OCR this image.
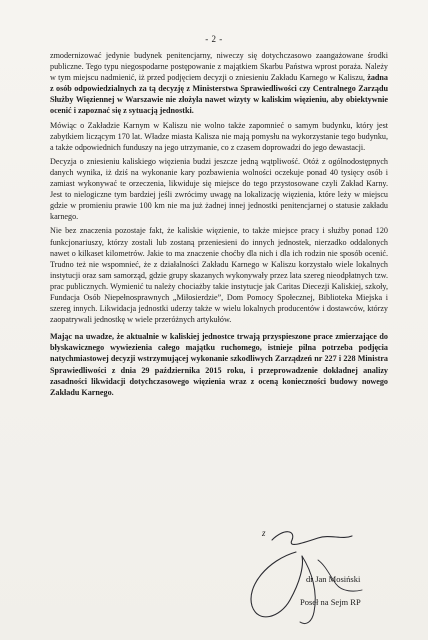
- 2 -

zmodernizować jedynie budynek penitencjarny, niweczy się dotychczasowo zaangażowane środki publiczne. Tego typu niegospodarne postępowanie z majątkiem Skarbu Państwa wprost poraża. Należy w tym miejscu nadmienić, iż przed podjęciem decyzji o zniesieniu Zakładu Karnego w Kaliszu, żadna z osób odpowiedzialnych za tą decyzję z Ministerstwa Sprawiedliwości czy Centralnego Zarządu Służby Więziennej w Warszawie nie złożyła nawet wizyty w kaliskim więzieniu, aby obiektywnie ocenić i zapoznać się z sytuacją jednostki.

Mówiąc o Zakładzie Karnym w Kaliszu nie wolno także zapomnieć o samym budynku, który jest zabytkiem liczącym 170 lat. Władze miasta Kalisza nie mają pomysłu na wykorzystanie tego budynku, a także odpowiednich funduszy na jego utrzymanie, co z czasem doprowadzi do jego dewastacji.

Decyzja o zniesieniu kaliskiego więzienia budzi jeszcze jedną wątpliwość. Otóż z ogólnodostępnych danych wynika, iż dziś na wykonanie kary pozbawienia wolności oczekuje ponad 40 tysięcy osób i zamiast wykonywać te orzeczenia, likwiduje się miejsce do tego przystosowane czyli Zakład Karny. Jest to nielogiczne tym bardziej jeśli zwrócimy uwagę na lokalizację więzienia, które leży w miejscu gdzie w promieniu prawie 100 km nie ma już żadnej innej jednostki penitencjarnej o statusie zakładu karnego.

Nie bez znaczenia pozostaje fakt, że kaliskie więzienie, to także miejsce pracy i służby ponad 120 funkcjonariuszy, którzy zostali lub zostaną przeniesieni do innych jednostek, nierzadko oddalonych nawet o kilkaset kilometrów. Jakie to ma znaczenie choćby dla nich i dla ich rodzin nie sposób ocenić. Trudno też nie wspomnieć, że z działalności Zakładu Karnego w Kaliszu korzystało wiele lokalnych instytucji oraz sam samorząd, gdzie grupy skazanych wykonywały przez lata szereg nieodpłatnych tzw. prac publicznych. Wymienić tu należy chociażby takie instytucje jak Caritas Diecezji Kaliskiej, szkoły, Fundacja Osób Niepełnosprawnych „Miłosierdzie”, Dom Pomocy Społecznej, Biblioteka Miejska i szereg innych. Likwidacja jednostki uderzy także w wielu lokalnych producentów i dostawców, którzy zaopatrywali jednostkę w wiele przeróżnych artykułów.

Mając na uwadze, że aktualnie w kaliskiej jednostce trwają przyspieszone prace zmierzające do błyskawicznego wywiezienia całego majątku ruchomego, istnieje pilna potrzeba podjęcia natychmiastowej decyzji wstrzymującej wykonanie szkodliwych Zarządzeń nr 227 i 228 Ministra Sprawiedliwości z dnia 29 października 2015 roku, i przeprowadzenie dokładnej analizy zasadności likwidacji dotychczasowego więzienia wraz z oceną konieczności budowy nowego Zakładu Karnego.

z
dr Jan Mosiński
Poseł na Sejm RP
